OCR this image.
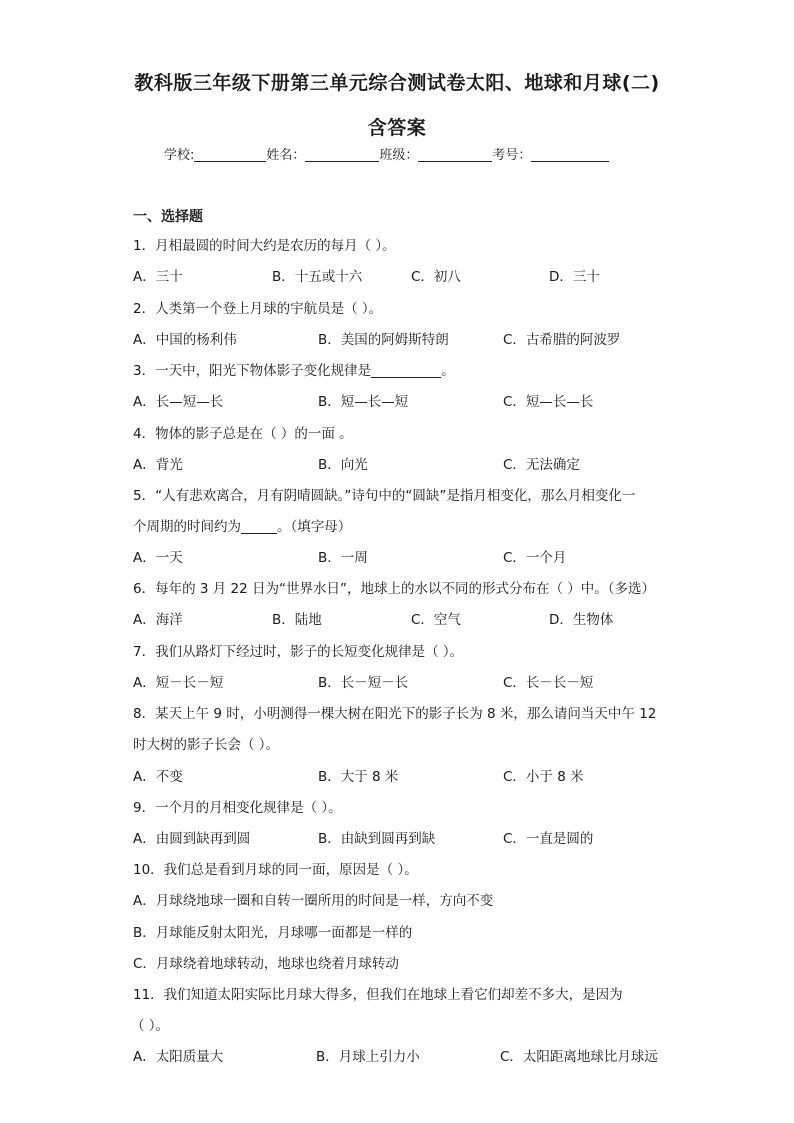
教科版三年级下册第三单元综合测试卷太阳、地球和月球(二)
含答案
学校:	姓名：	班级：	考号：
一、选择题
1．月相最圆的时间大约是农历的每月（ ）。
A．三十	B．十五或十六	C．初八	D．三十
2．人类第一个登上月球的宇航员是（ ）。
A．中国的杨利伟	B．美国的阿姆斯特朗	C．古希腊的阿波罗
3．一天中，阳光下物体影子变化规律是	。
A．长—短—长	B．短—长—短	C．短—长—长
4．物体的影子总是在（ ）的一面 。
A．背光	B．向光	C．无法确定
5．“人有悲欢离合，月有阴晴圆缺。”诗句中的“圆缺”是指月相变化，那么月相变化一
个周期的时间约为	。（填字母）
A．一天	B．一周	C．一个月
6．每年的 3 月 22 日为“世界水日”，地球上的水以不同的形式分布在（ ）中。（多选）
A．海洋	B．陆地	C．空气	D．生物体
7．我们从路灯下经过时，影子的长短变化规律是（ ）。
A．短－长－短	B．长－短－长	C．长－长－短
8．某天上午 9 时，小明测得一棵大树在阳光下的影子长为 8 米，那么请问当天中午 12
时大树的影子长会（ ）。
A．不变	B．大于 8 米	C．小于 8 米
9．一个月的月相变化规律是（ ）。
A．由圆到缺再到圆	B．由缺到圆再到缺	C．一直是圆的
10．我们总是看到月球的同一面，原因是（ ）。
A．月球绕地球一圈和自转一圈所用的时间是一样，方向不变
B．月球能反射太阳光，月球哪一面都是一样的
C．月球绕着地球转动，地球也绕着月球转动
11．我们知道太阳实际比月球大得多，但我们在地球上看它们却差不多大，是因为
（ ）。
A．太阳质量大	B．月球上引力小	C．太阳距离地球比月球远
